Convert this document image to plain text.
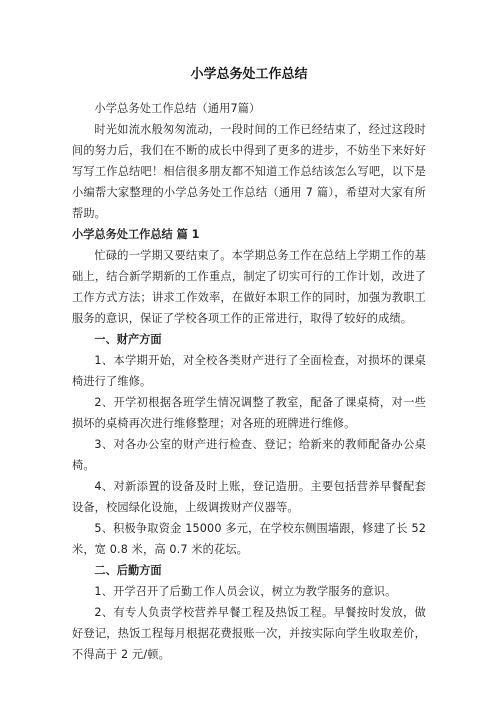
小学总务处工作总结

小学总务处工作总结（通用7篇）

时光如流水般匆匆流动，一段时间的工作已经结束了，经过这段时间的努力后，我们在不断的成长中得到了更多的进步，不妨坐下来好好写写工作总结吧！相信很多朋友都不知道工作总结该怎么写吧，以下是小编帮大家整理的小学总务处工作总结（通用 7 篇），希望对大家有所帮助。

小学总务处工作总结 篇 1

忙碌的一学期又要结束了。本学期总务工作在总结上学期工作的基础上，结合新学期新的工作重点，制定了切实可行的工作计划，改进了工作方式方法；讲求工作效率，在做好本职工作的同时，加强为教职工服务的意识，保证了学校各项工作的正常进行，取得了较好的成绩。

一、财产方面

1、本学期开始，对全校各类财产进行了全面检查，对损坏的课桌椅进行了维修。

2、开学初根据各班学生情况调整了教室，配备了课桌椅，对一些损坏的桌椅再次进行维修整理；对各班的班牌进行维修。

3、对各办公室的财产进行检查、登记；给新来的教师配备办公桌椅。

4、对新添置的设备及时上账，登记造册。主要包括营养早餐配套设备，校园绿化设施，上级调拨财产仪器等。

5、积极争取资金 15000 多元，在学校东侧围墙跟，修建了长 52 米，宽 0.8 米，高 0.7 米的花坛。

二、后勤方面

1、开学召开了后勤工作人员会议，树立为教学服务的意识。

2、有专人负责学校营养早餐工程及热饭工程。早餐按时发放，做好登记，热饭工程每月根据花费报账一次，并按实际向学生收取差价，不得高于 2 元/顿。
